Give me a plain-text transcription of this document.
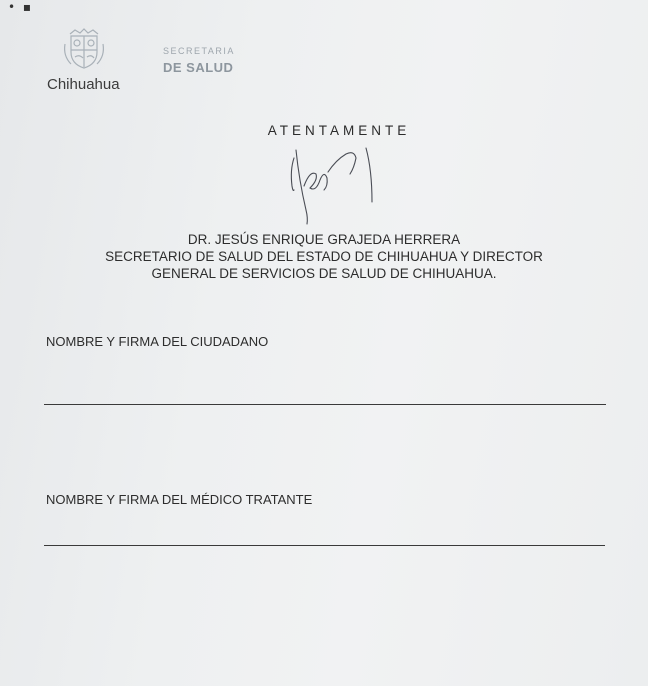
• ▪
Chihuahua
SECRETARIA
DE SALUD
ATENTAMENTE
DR. JESÚS ENRIQUE GRAJEDA HERRERA
SECRETARIO DE SALUD DEL ESTADO DE CHIHUAHUA Y DIRECTOR
GENERAL DE SERVICIOS DE SALUD DE CHIHUAHUA.
NOMBRE Y FIRMA DEL CIUDADANO
NOMBRE Y FIRMA DEL MÉDICO TRATANTE
